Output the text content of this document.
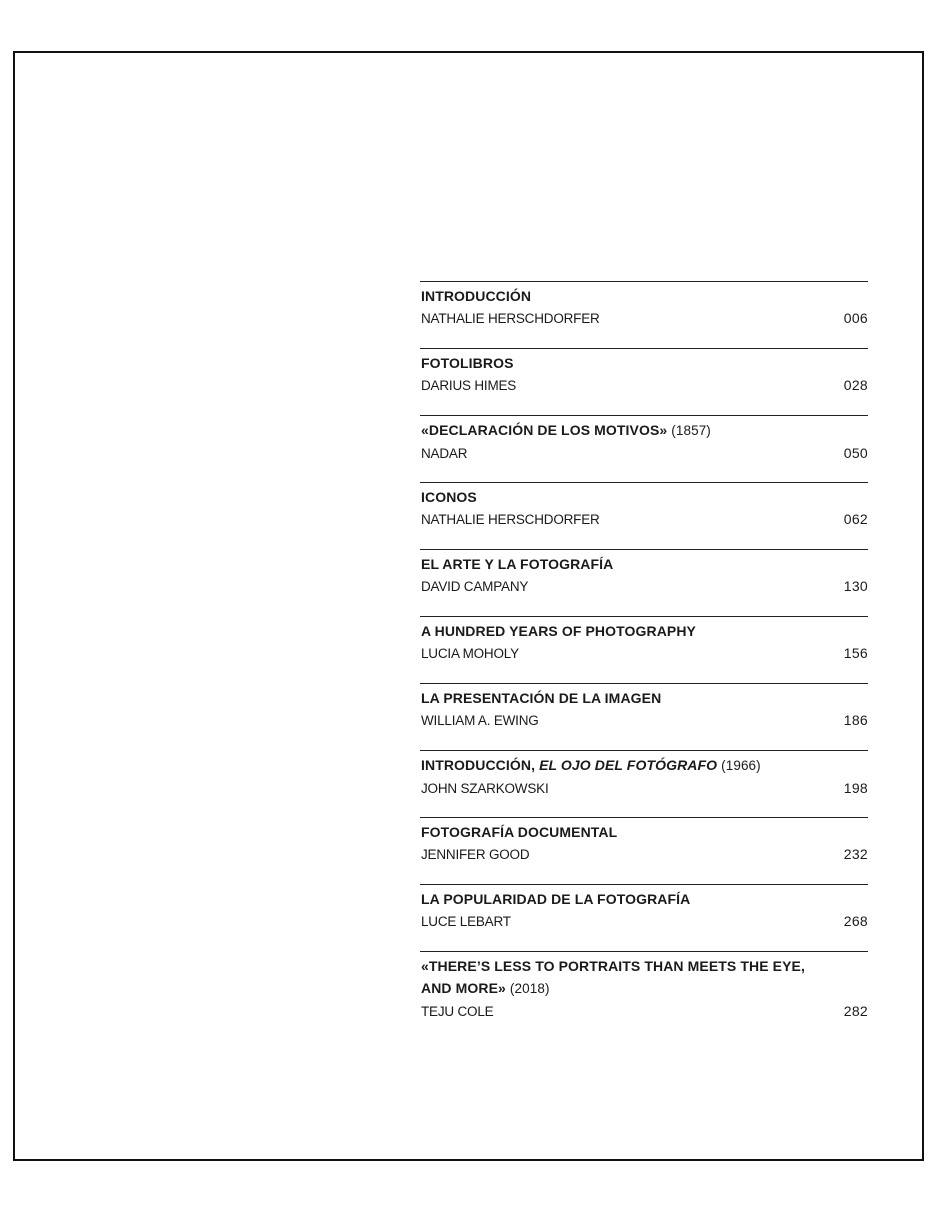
INTRODUCCIÓN
NATHALIE HERSCHDORFER	006
FOTOLIBROS
DARIUS HIMES	028
«DECLARACIÓN DE LOS MOTIVOS» (1857)
NADAR	050
ICONOS
NATHALIE HERSCHDORFER	062
EL ARTE Y LA FOTOGRAFÍA
DAVID CAMPANY	130
A HUNDRED YEARS OF PHOTOGRAPHY
LUCIA MOHOLY	156
LA PRESENTACIÓN DE LA IMAGEN
WILLIAM A. EWING	186
INTRODUCCIÓN, EL OJO DEL FOTÓGRAFO (1966)
JOHN SZARKOWSKI	198
FOTOGRAFÍA DOCUMENTAL
JENNIFER GOOD	232
LA POPULARIDAD DE LA FOTOGRAFÍA
LUCE LEBART	268
«THERE’S LESS TO PORTRAITS THAN MEETS THE EYE,
AND MORE» (2018)
TEJU COLE	282
